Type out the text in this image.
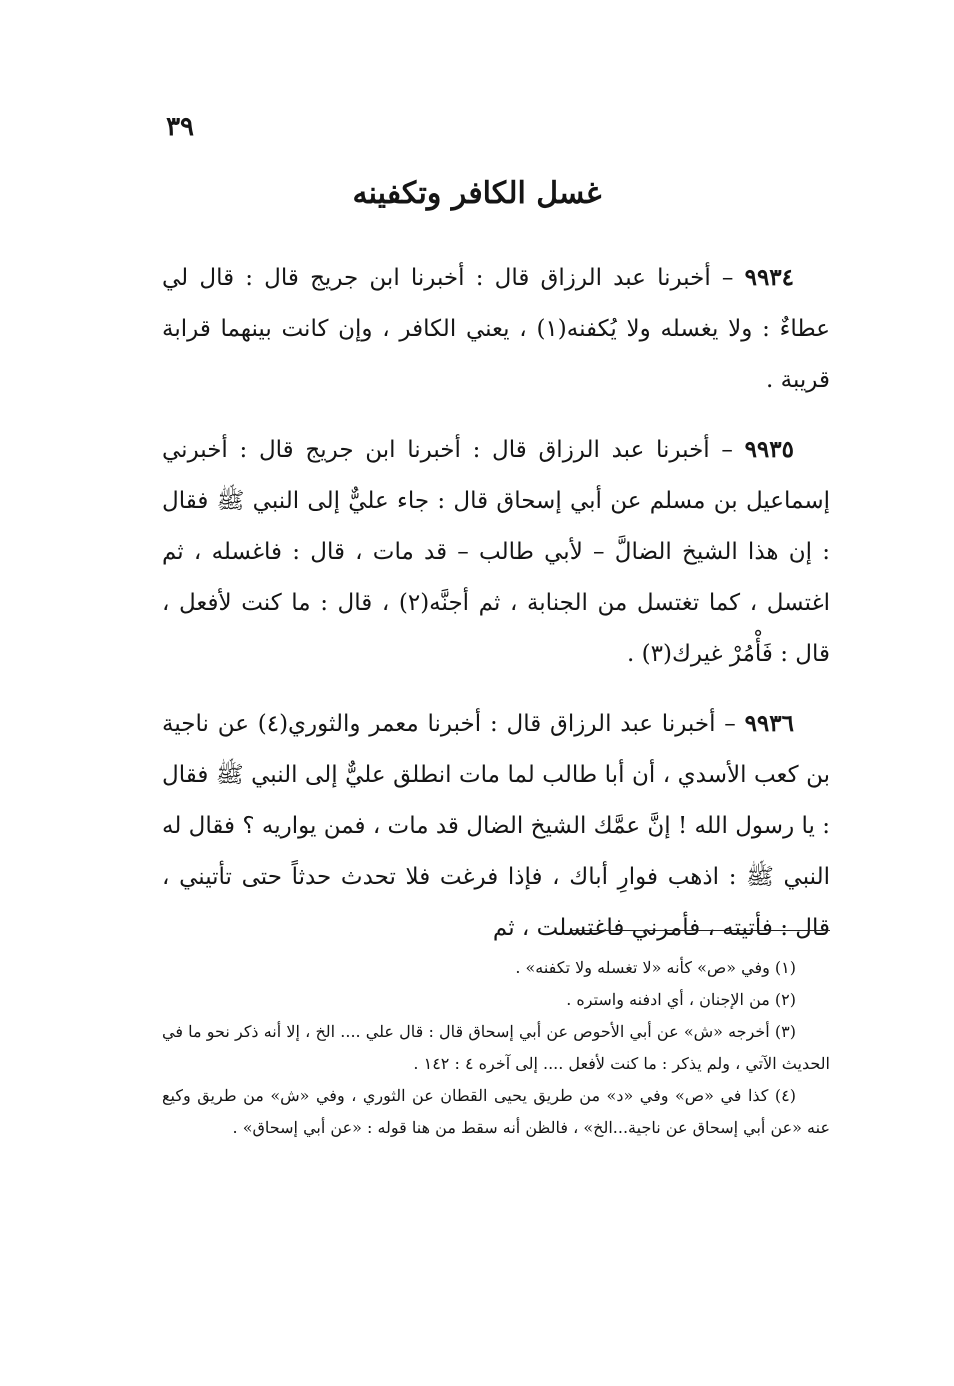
٣٩
غسل الكافر وتكفينه

٩٩٣٤ – أخبرنا عبد الرزاق قال : أخبرنا ابن جريج قال : قال لي عطاءٌ : ولا يغسله ولا يُكفنه(١) ، يعني الكافر ، وإن كانت بينهما قرابة قريبة .

٩٩٣٥ – أخبرنا عبد الرزاق قال : أخبرنا ابن جريج قال : أخبرني إسماعيل بن مسلم عن أبي إسحاق قال : جاء عليٌّ إلى النبي ﷺ فقال : إن هذا الشيخ الضالَّ – لأبي طالب – قد مات ، قال : فاغسله ، ثم اغتسل ، كما تغتسل من الجنابة ، ثم أجنَّه(٢) ، قال : ما كنت لأفعل ، قال : فَأْمُرْ غيرك(٣) .

٩٩٣٦ – أخبرنا عبد الرزاق قال : أخبرنا معمر والثوري(٤) عن ناجية بن كعب الأسدي ، أن أبا طالب لما مات انطلق عليٌّ إلى النبي ﷺ فقال : يا رسول الله ! إنَّ عمَّك الشيخ الضال قد مات ، فمن يواريه ؟ فقال له النبي ﷺ : اذهب فوارِ أباك ، فإذا فرغت فلا تحدث حدثاً حتى تأتيني ، قال : فأتيته ، فأمرني فاغتسلت ، ثم

(١) وفي «ص» كأنه «لا تغسله ولا تكفنه» .

(٢) من الإجنان ، أي ادفنه واستره .

(٣) أخرجه «ش» عن أبي الأحوص عن أبي إسحاق قال : قال علي .... الخ ، إلا أنه ذكر نحو ما في الحديث الآتي ، ولم يذكر : ما كنت لأفعل .... إلى آخره ٤ : ١٤٢ .

(٤) كذا في «ص» وفي «د» من طريق يحيى القطان عن الثوري ، وفي «ش» من طريق وكيع عنه «عن أبي إسحاق عن ناجية...الخ» ، فالظن أنه سقط من هنا قوله : «عن أبي إسحاق» .
